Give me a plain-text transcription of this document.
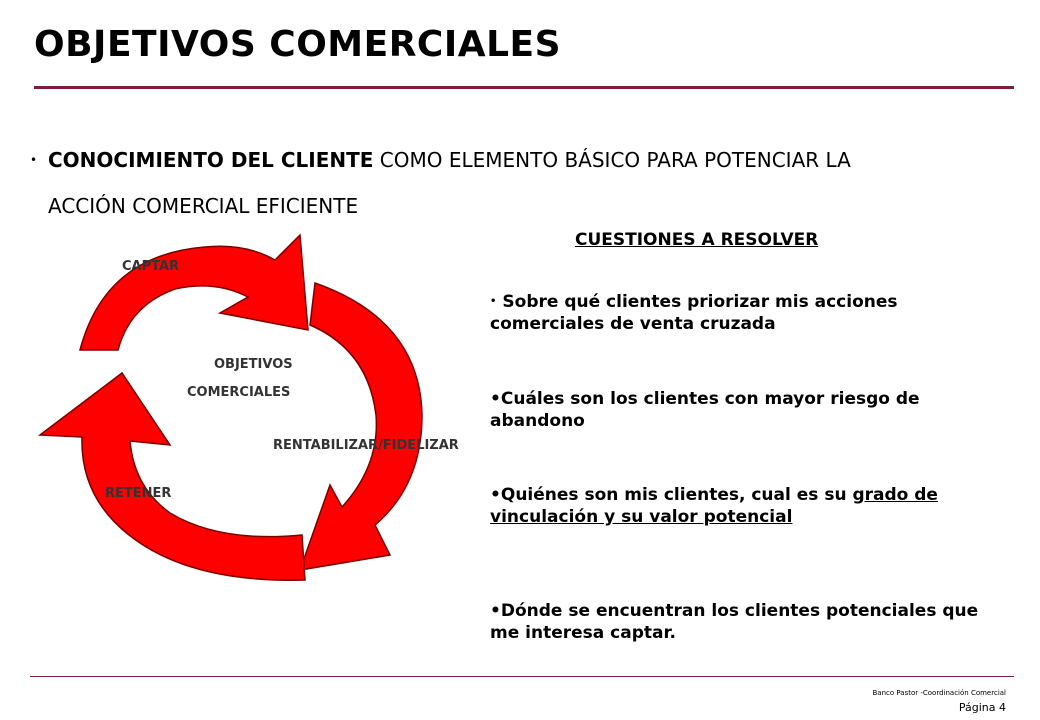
OBJETIVOS COMERCIALES
• CONOCIMIENTO DEL CLIENTE COMO ELEMENTO BÁSICO PARA POTENCIAR LA
ACCIÓN COMERCIAL EFICIENTE
CAPTAR
OBJETIVOS
COMERCIALES
RENTABILIZAR/FIDELIZAR
RETENER
CUESTIONES A RESOLVER
• Sobre qué clientes priorizar mis acciones comerciales de venta cruzada
•Cuáles son los clientes con mayor riesgo de abandono
•Quiénes son mis clientes, cual es su grado de vinculación y su valor potencial
•Dónde se encuentran los clientes potenciales que me interesa captar.
Banco Pastor -Coordinación Comercial
Página 4
